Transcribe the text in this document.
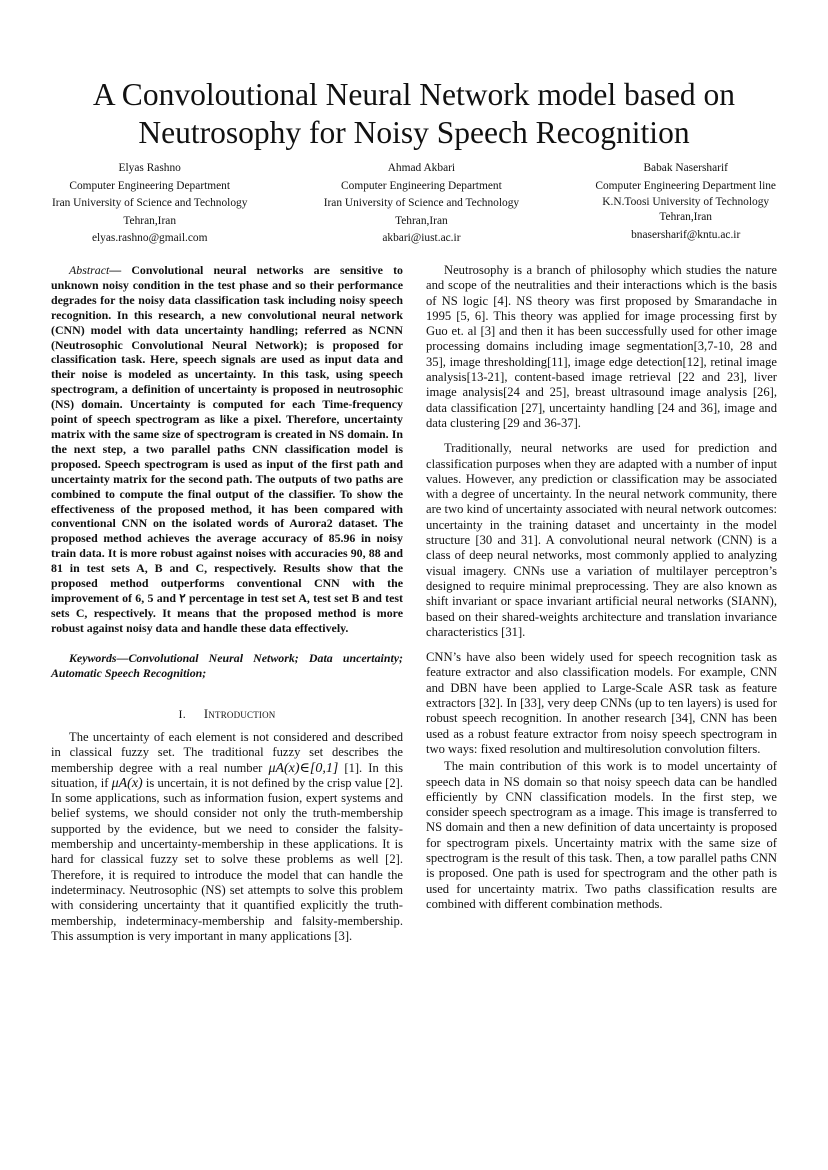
A Convoloutional Neural Network model based on
Neutrosophy for Noisy Speech Recognition
Elyas Rashno
Computer Engineering Department
Iran University of Science and Technology
Tehran,Iran
elyas.rashno@gmail.com
Ahmad Akbari
Computer Engineering Department
Iran University of Science and Technology
Tehran,Iran
akbari@iust.ac.ir
Babak Nasersharif
Computer Engineering Department line
K.N.Toosi University of Technology
Tehran,Iran
bnasersharif@kntu.ac.ir

Abstract— Convolutional neural networks are sensitive to unknown noisy condition in the test phase and so their performance degrades for the noisy data classification task including noisy speech recognition. In this research, a new convolutional neural network (CNN) model with data uncertainty handling; referred as NCNN (Neutrosophic Convolutional Neural Network); is proposed for classification task. Here, speech signals are used as input data and their noise is modeled as uncertainty. In this task, using speech spectrogram, a definition of uncertainty is proposed in neutrosophic (NS) domain. Uncertainty is computed for each Time-frequency point of speech spectrogram as like a pixel. Therefore, uncertainty matrix with the same size of spectrogram is created in NS domain. In the next step, a two parallel paths CNN classification model is proposed. Speech spectrogram is used as input of the first path and uncertainty matrix for the second path. The outputs of two paths are combined to compute the final output of the classifier. To show the effectiveness of the proposed method, it has been compared with conventional CNN on the isolated words of Aurora2 dataset. The proposed method achieves the average accuracy of 85.96 in noisy train data. It is more robust against noises with accuracies 90, 88 and 81 in test sets A, B and C, respectively. Results show that the proposed method outperforms conventional CNN with the improvement of 6, 5 and ٢ percentage in test set A, test set B and test sets C, respectively. It means that the proposed method is more robust against noisy data and handle these data effectively.

Keywords—Convolutional Neural Network; Data uncertainty; Automatic Speech Recognition;

I. Introduction

The uncertainty of each element is not considered and described in classical fuzzy set. The traditional fuzzy set describes the membership degree with a real number μA(x)∈[0,1] [1]. In this situation, if μA(x) is uncertain, it is not defined by the crisp value [2]. In some applications, such as information fusion, expert systems and belief systems, we should consider not only the truth-membership supported by the evidence, but we need to consider the falsity-membership and uncertainty-membership in these applications. It is hard for classical fuzzy set to solve these problems as well [2]. Therefore, it is required to introduce the model that can handle the indeterminacy. Neutrosophic (NS) set attempts to solve this problem with considering uncertainty that it quantified explicitly the truth-membership, indeterminacy-membership and falsity-membership. This assumption is very important in many applications [3].

Neutrosophy is a branch of philosophy which studies the nature and scope of the neutralities and their interactions which is the basis of NS logic [4]. NS theory was first proposed by Smarandache in 1995 [5, 6]. This theory was applied for image processing first by Guo et. al [3] and then it has been successfully used for other image processing domains including image segmentation[3,7-10, 28 and 35], image thresholding[11], image edge detection[12], retinal image analysis[13-21], content-based image retrieval [22 and 23], liver image analysis[24 and 25], breast ultrasound image analysis [26], data classification [27], uncertainty handling [24 and 36], image and data clustering [29 and 36-37].

Traditionally, neural networks are used for prediction and classification purposes when they are adapted with a number of input values. However, any prediction or classification may be associated with a degree of uncertainty. In the neural network community, there are two kind of uncertainty associated with neural network outcomes: uncertainty in the training dataset and uncertainty in the model structure [30 and 31]. A convolutional neural network (CNN) is a class of deep neural networks, most commonly applied to analyzing visual imagery. CNNs use a variation of multilayer perceptron’s designed to require minimal preprocessing. They are also known as shift invariant or space invariant artificial neural networks (SIANN), based on their shared-weights architecture and translation invariance characteristics [31].

CNN’s have also been widely used for speech recognition task as feature extractor and also classification models. For example, CNN and DBN have been applied to Large-Scale ASR task as feature extractors [32]. In [33], very deep CNNs (up to ten layers) is used for robust speech recognition. In another research [34], CNN has been used as a robust feature extractor from noisy speech spectrogram in two ways: fixed resolution and multiresolution convolution filters.

The main contribution of this work is to model uncertainty of speech data in NS domain so that noisy speech data can be handled efficiently by CNN classification models. In the first step, we consider speech spectrogram as a image. This image is transferred to NS domain and then a new definition of data uncertainty is proposed for spectrogram pixels. Uncertainty matrix with the same size of spectrogram is the result of this task. Then, a tow parallel paths CNN is proposed. One path is used for spectrogram and the other path is used for uncertainty matrix. Two paths classification results are combined with different combination methods.
